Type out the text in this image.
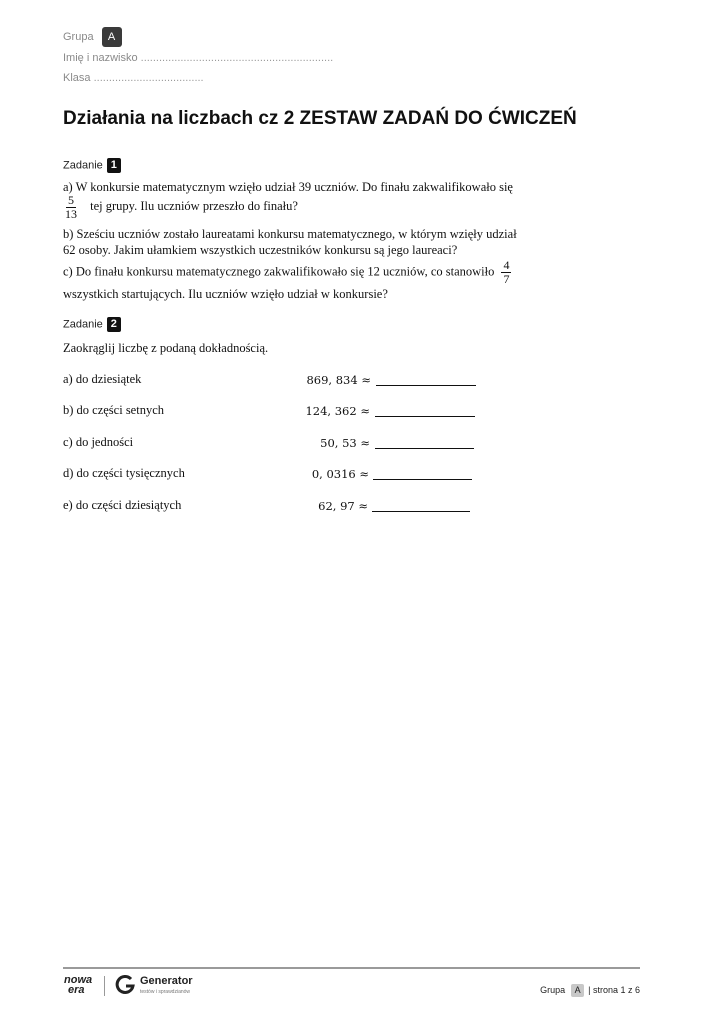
Grupa A
Imię i nazwisko ...............................................................
Klasa ....................................
Działania na liczbach cz 2 ZESTAW ZADAŃ DO ĆWICZEŃ
Zadanie 1
a) W konkursie matematycznym wzięło udział 39 uczniów. Do finału zakwalifikowało się
$\frac{5}{13}$ tej grupy. Ilu uczniów przeszło do finału?
b) Sześciu uczniów zostało laureatami konkursu matematycznego, w którym wzięły udział
62 osoby. Jakim ułamkiem wszystkich uczestników konkursu są jego laureaci?
c) Do finału konkursu matematycznego zakwalifikowało się 12 uczniów, co stanowiło $\frac{4}{7}$
wszystkich startujących. Ilu uczniów wzięło udział w konkursie?
Zadanie 2
Zaokrąglij liczbę z podaną dokładnością.
a) do dziesiątek	869, 834 ≈
b) do części setnych	124, 362 ≈
c) do jedności	50, 53 ≈
d) do części tysięcznych	0, 0316 ≈
e) do części dziesiątych	62, 97 ≈
nowa
era
Generator
testów i sprawdzianów	Grupa A | strona 1 z 6
